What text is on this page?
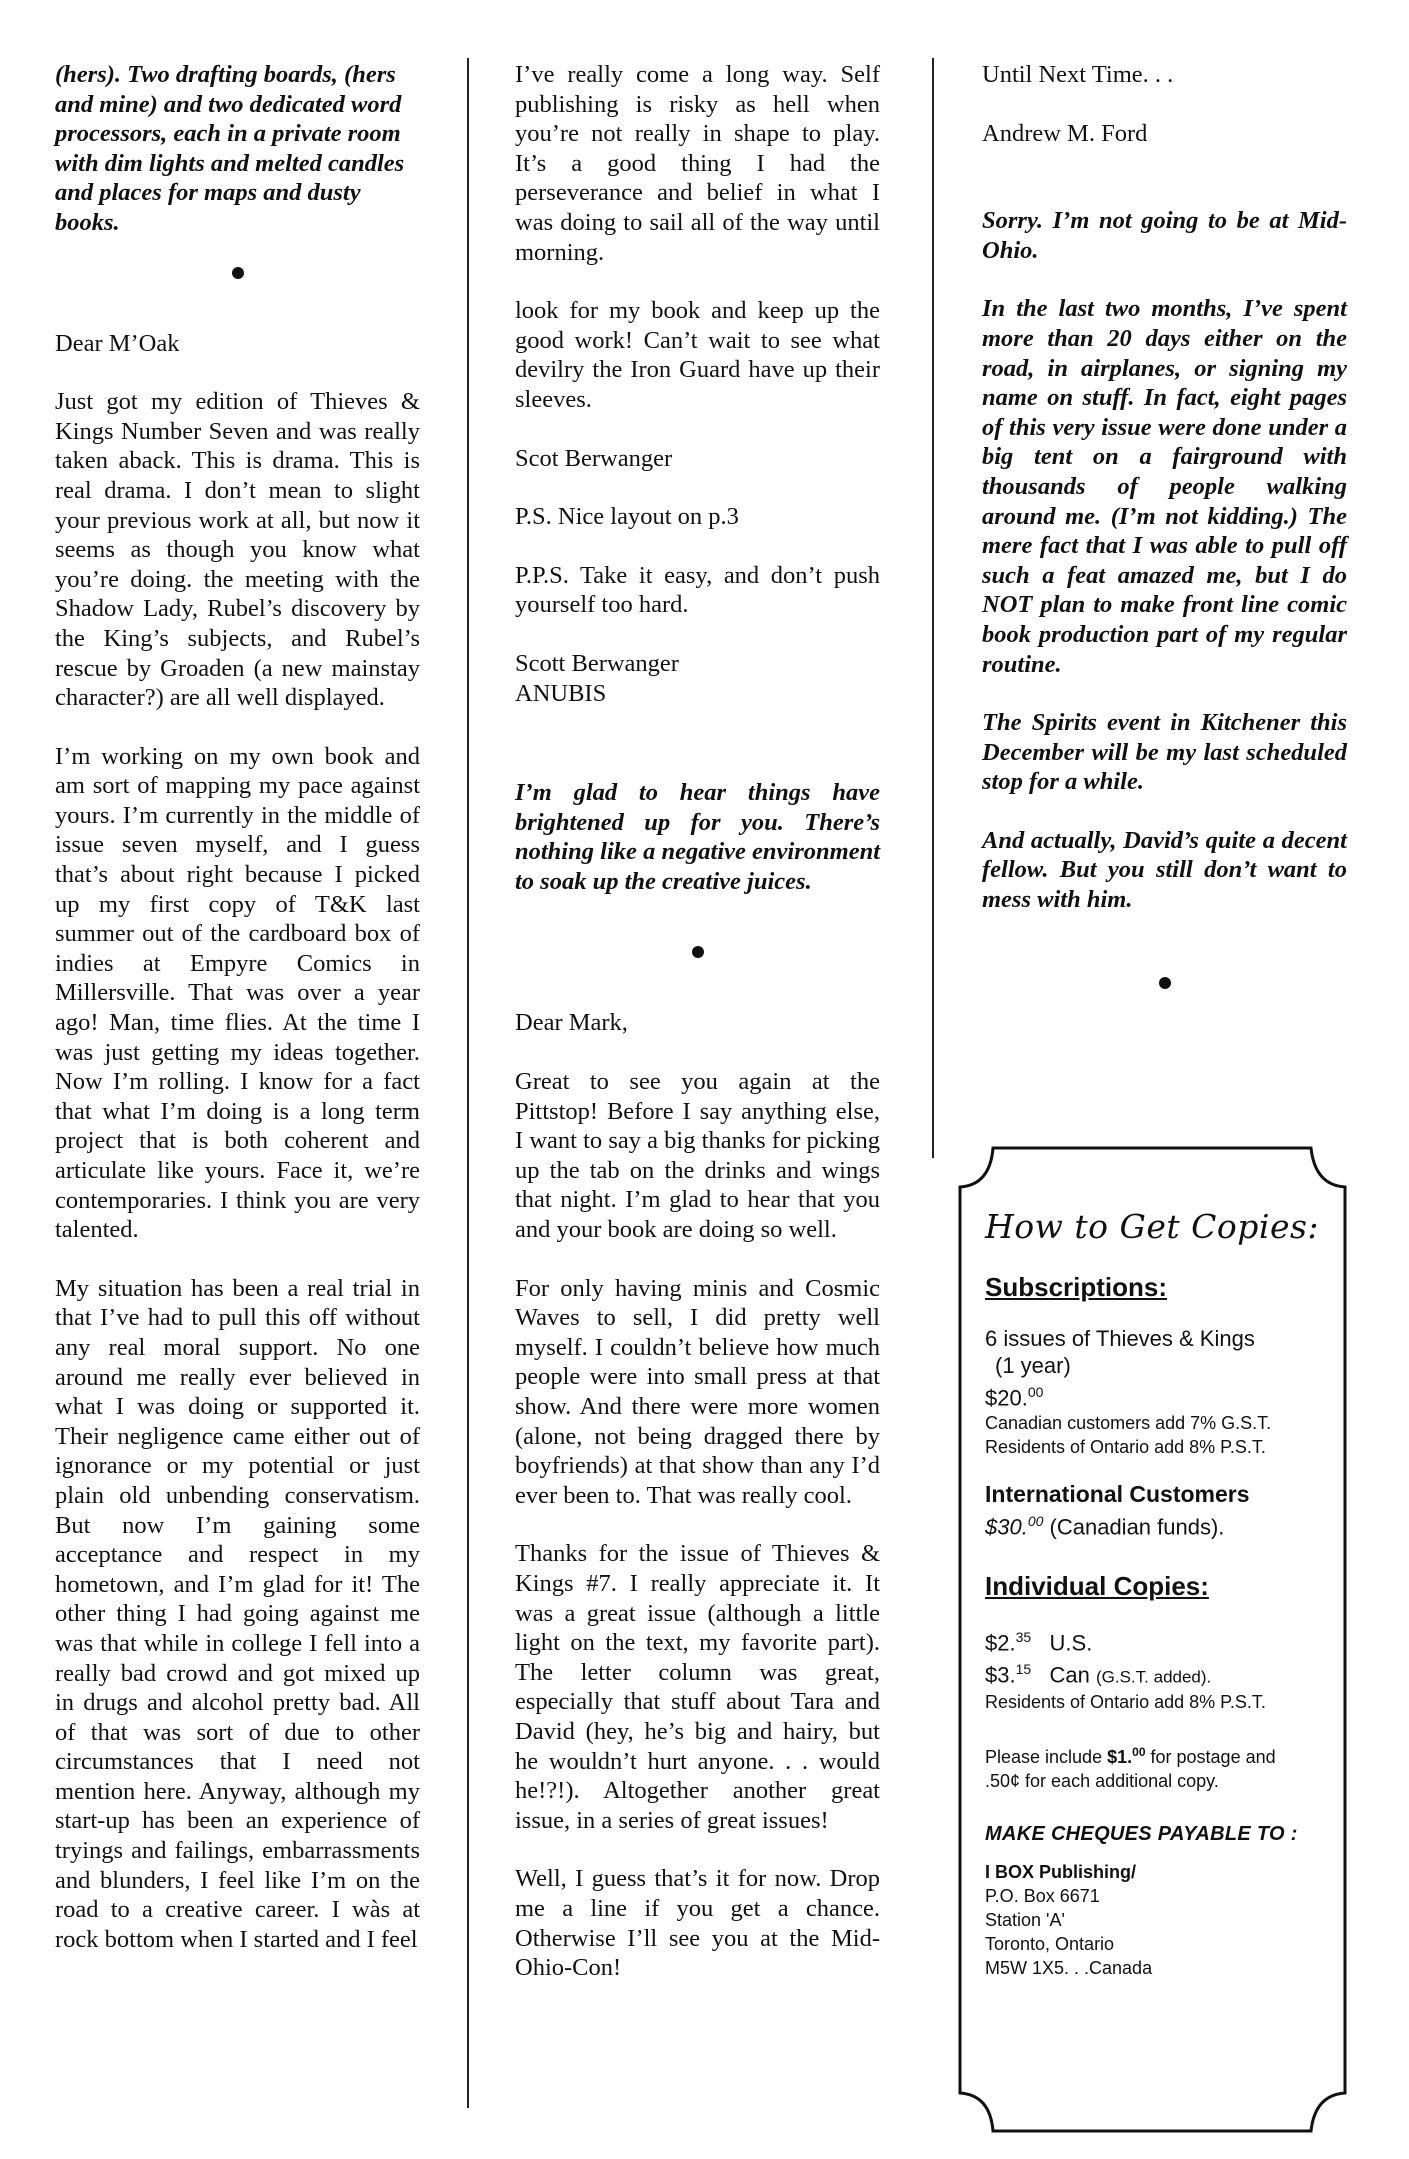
(hers). Two drafting boards, (hers and mine) and two dedicated word processors, each in a private room with dim lights and melted candles and places for maps and dusty books.

Dear M’Oak

Just got my edition of Thieves & Kings Number Seven and was really taken aback. This is drama. This is real drama. I don’t mean to slight your previous work at all, but now it seems as though you know what you’re doing. the meeting with the Shadow Lady, Rubel’s discovery by the King’s subjects, and Rubel’s rescue by Groaden (a new mainstay character?) are all well displayed.

I’m working on my own book and am sort of mapping my pace against yours. I’m currently in the middle of issue seven myself, and I guess that’s about right because I picked up my first copy of T&K last summer out of the cardboard box of indies at Empyre Comics in Millersville. That was over a year ago! Man, time flies. At the time I was just getting my ideas together. Now I’m rolling. I know for a fact that what I’m doing is a long term project that is both coherent and articulate like yours. Face it, we’re contemporaries. I think you are very talented.

My situation has been a real trial in that I’ve had to pull this off without any real moral support. No one around me really ever believed in what I was doing or supported it. Their negligence came either out of ignorance or my potential or just plain old unbending conservatism. But now I’m gaining some acceptance and respect in my hometown, and I’m glad for it! The other thing I had going against me was that while in college I fell into a really bad crowd and got mixed up in drugs and alcohol pretty bad. All of that was sort of due to other circumstances that I need not mention here. Anyway, although my start-up has been an experience of tryings and failings, embarrassments and blunders, I feel like I’m on the road to a creative career. I wàs at rock bottom when I started and I feel

I’ve really come a long way. Self publishing is risky as hell when you’re not really in shape to play. It’s a good thing I had the perseverance and belief in what I was doing to sail all of the way until morning.

look for my book and keep up the good work! Can’t wait to see what devilry the Iron Guard have up their sleeves.

Scot Berwanger

P.S. Nice layout on p.3

P.P.S. Take it easy, and don’t push yourself too hard.

Scott Berwanger
ANUBIS

I’m glad to hear things have brightened up for you. There’s nothing like a negative environment to soak up the creative juices.

Dear Mark,

Great to see you again at the Pittstop! Before I say anything else, I want to say a big thanks for picking up the tab on the drinks and wings that night. I’m glad to hear that you and your book are doing so well.

For only having minis and Cosmic Waves to sell, I did pretty well myself. I couldn’t believe how much people were into small press at that show. And there were more women (alone, not being dragged there by boyfriends) at that show than any I’d ever been to. That was really cool.

Thanks for the issue of Thieves & Kings #7. I really appreciate it. It was a great issue (although a little light on the text, my favorite part). The letter column was great, especially that stuff about Tara and David (hey, he’s big and hairy, but he wouldn’t hurt anyone. . . would he!?!). Altogether another great issue, in a series of great issues!

Well, I guess that’s it for now. Drop me a line if you get a chance. Otherwise I’ll see you at the Mid-Ohio-Con!

Until Next Time. . .

Andrew M. Ford

Sorry. I’m not going to be at Mid-Ohio.

In the last two months, I’ve spent more than 20 days either on the road, in airplanes, or signing my name on stuff. In fact, eight pages of this very issue were done under a big tent on a fairground with thousands of people walking around me. (I’m not kidding.) The mere fact that I was able to pull off such a feat amazed me, but I do NOT plan to make front line comic book production part of my regular routine.

The Spirits event in Kitchener this December will be my last scheduled stop for a while.

And actually, David’s quite a decent fellow. But you still don’t want to mess with him.

How to Get Copies:
Subscriptions:

6 issues of Thieves & Kings

(1 year)

$20.00

Canadian customers add 7% G.S.T.

Residents of Ontario add 8% P.S.T.

International Customers

$30.00 (Canadian funds).

Individual Copies:

$2.35 U.S.

$3.15 Can (G.S.T. added).

Residents of Ontario add 8% P.S.T.

Please include $1.00 for postage and

.50¢ for each additional copy.

MAKE CHEQUES PAYABLE TO :

I BOX Publishing/

P.O. Box 6671

Station 'A'

Toronto, Ontario

M5W 1X5. . .Canada
